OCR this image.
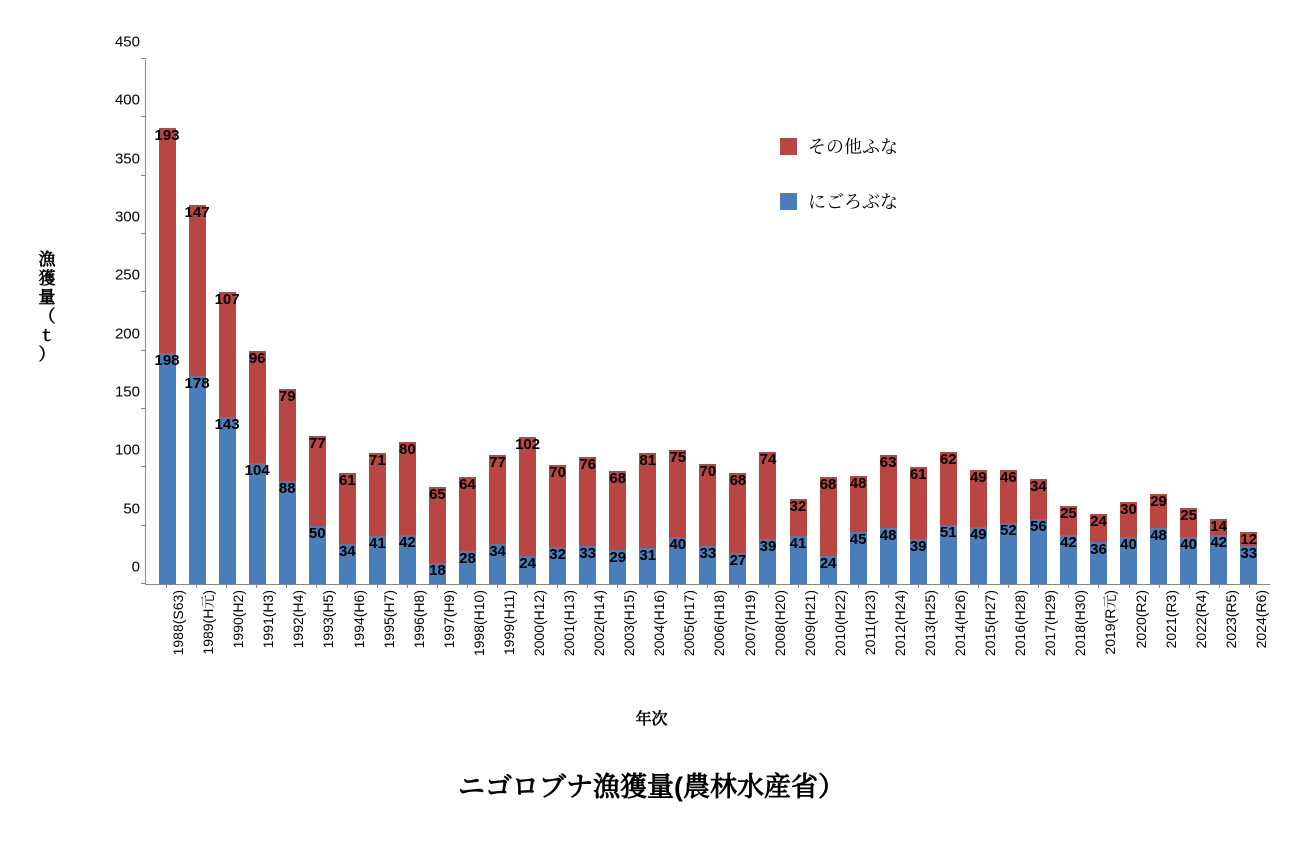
漁
獲
量
（
ｔ
）
0
50
100
150
200
250
300
350
400
450
193
198
147
178
107
143
96
104
79
88
77
50
61
34
71
41
80
42
65
18
64
28
77
34
102
24
70
32
76
33
68
29
81
31
75
40
70
33
68
27
74
39
32
41
68
24
48
45
63
48
61
39
62
51
49
49
46
52
34
56
25
42
24
36
30
40
29
48
25
40
14
42 12
33
1988(S63) 1989(H元) 1990(H2) 1991(H3) 1992(H4) 1993(H5) 1994(H6) 1995(H7) 1996(H8) 1997(H9) 1998(H10) 1999(H11) 2000(H12) 2001(H13) 2002(H14) 2003(H15) 2004(H16) 2005(H17) 2006(H18) 2007(H19) 2008(H20) 2009(H21) 2010(H22) 2011(H23) 2012(H24) 2013(H25) 2014(H26) 2015(H27) 2016(H28) 2017(H29) 2018(H30) 2019(R元) 2020(R2) 2021(R3) 2022(R4) 2023(R5) 2024(R6)
年次
ニゴロブナ漁獲量(農林水産省）
その他ふな
にごろぶな
